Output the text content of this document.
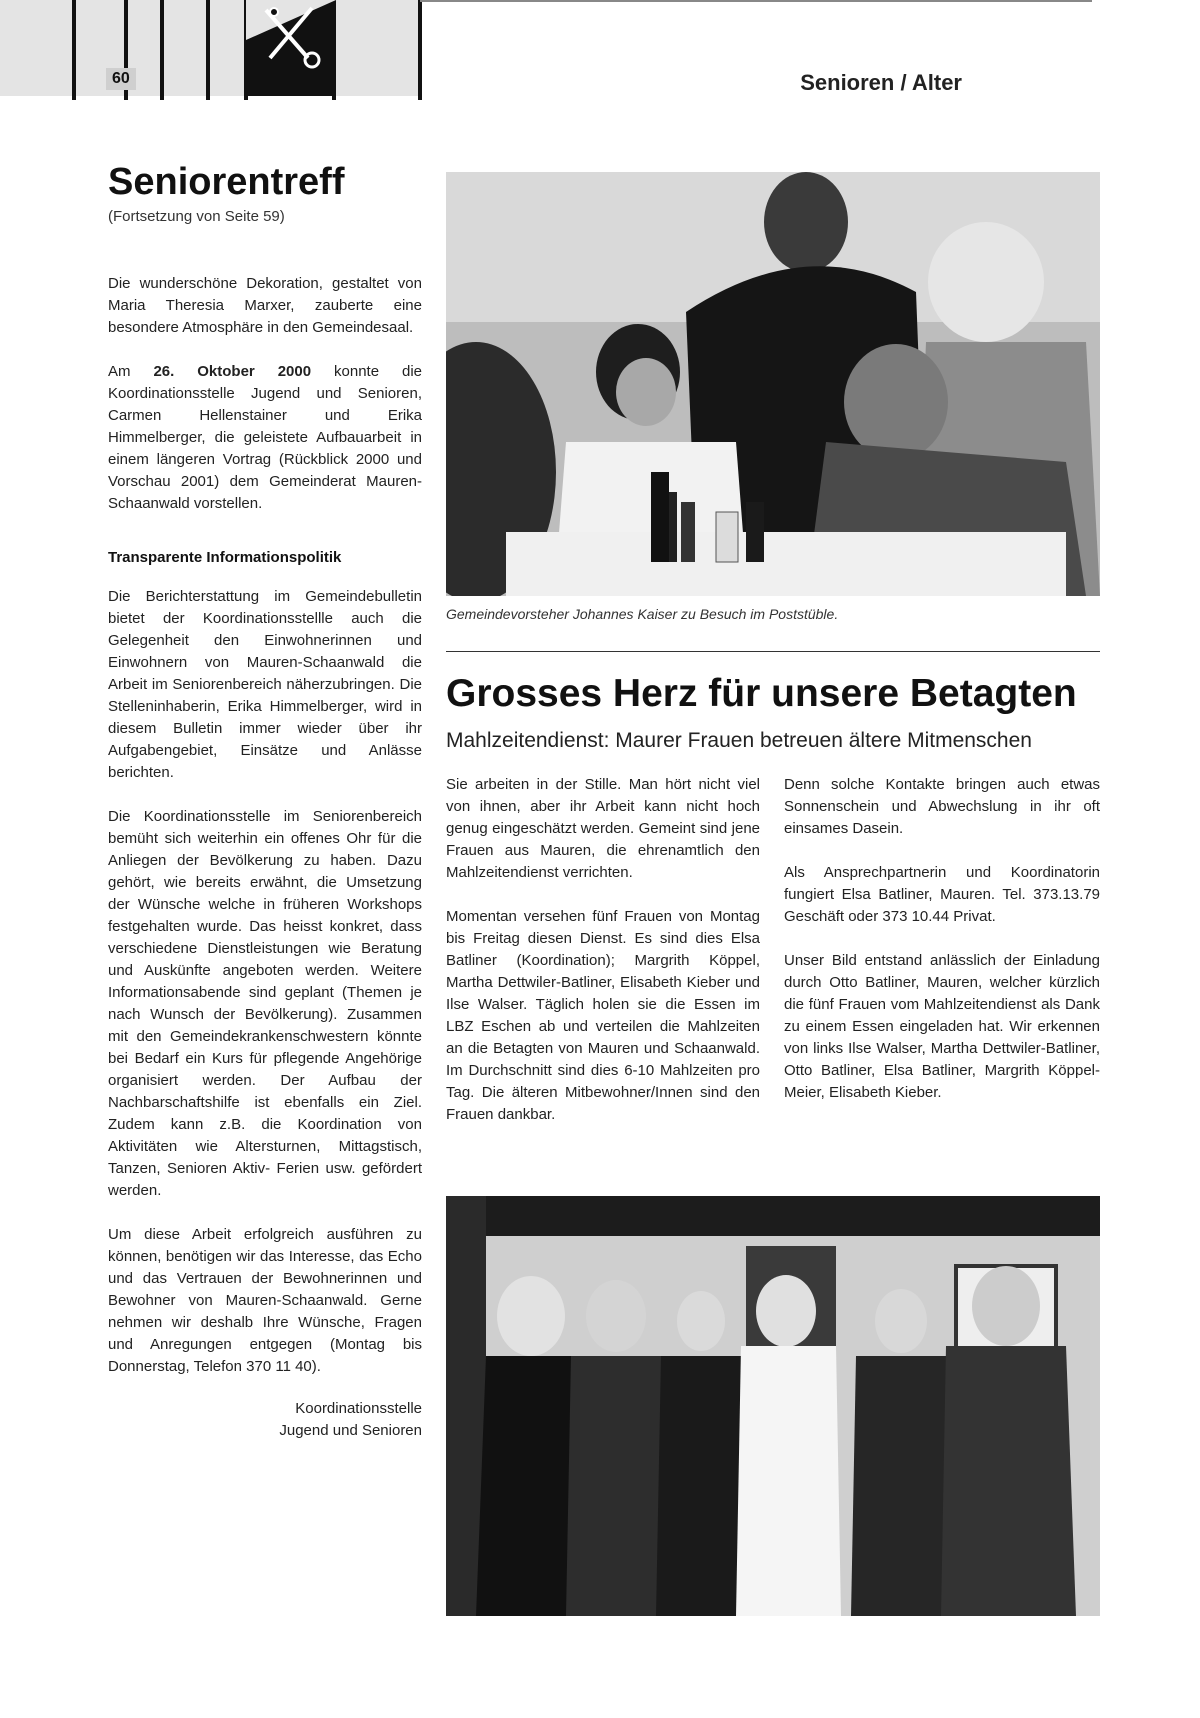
60	Senioren / Alter
Seniorentreff

(Fortsetzung von Seite 59)

Die wunderschöne Dekoration, gestaltet von Maria Theresia Marxer, zauberte eine besondere Atmosphäre in den Gemeindesaal.

Am 26. Oktober 2000 konnte die Koordinationsstelle Jugend und Senioren, Carmen Hellenstainer und Erika Himmelberger, die geleistete Aufbauarbeit in einem längeren Vortrag (Rückblick 2000 und Vorschau 2001) dem Gemeinderat Mauren-Schaanwald vorstellen.

Transparente Informationspolitik

Die Berichterstattung im Gemeindebulletin bietet der Koordinationsstellle auch die Gelegenheit den Einwohnerinnen und Einwohnern von Mauren-Schaanwald die Arbeit im Seniorenbereich näherzubringen. Die Stelleninhaberin, Erika Himmelberger, wird in diesem Bulletin immer wieder über ihr Aufgabengebiet, Einsätze und Anlässe berichten.

Die Koordinationsstelle im Seniorenbereich bemüht sich weiterhin ein offenes Ohr für die Anliegen der Bevölkerung zu haben. Dazu gehört, wie bereits erwähnt, die Umsetzung der Wünsche welche in früheren Workshops festgehalten wurde. Das heisst konkret, dass verschiedene Dienstleistungen wie Beratung und Auskünfte angeboten werden. Weitere Informationsabende sind geplant (Themen je nach Wunsch der Bevölkerung). Zusammen mit den Gemeindekrankenschwestern könnte bei Bedarf ein Kurs für pflegende Angehörige organisiert werden. Der Aufbau der Nachbarschaftshilfe ist ebenfalls ein Ziel. Zudem kann z.B. die Koordination von Aktivitäten wie Altersturnen, Mittagstisch, Tanzen, Senioren Aktiv- Ferien usw. gefördert werden.

Um diese Arbeit erfolgreich ausführen zu können, benötigen wir das Interesse, das Echo und das Vertrauen der Bewohnerinnen und Bewohner von Mauren-Schaanwald. Gerne nehmen wir deshalb Ihre Wünsche, Fragen und Anregungen entgegen (Montag bis Donnerstag, Telefon 370 11 40).

Koordinationsstelle
Jugend und Senioren

Gemeindevorsteher Johannes Kaiser zu Besuch im Poststüble.
Grosses Herz für unsere Betagten

Mahlzeitendienst: Maurer Frauen betreuen ältere Mitmenschen

Sie arbeiten in der Stille. Man hört nicht viel von ihnen, aber ihr Arbeit kann nicht hoch genug eingeschätzt werden. Gemeint sind jene Frauen aus Mauren, die ehrenamtlich den Mahlzeitendienst verrichten.

Momentan versehen fünf Frauen von Montag bis Freitag diesen Dienst. Es sind dies Elsa Batliner (Koordination); Margrith Köppel, Martha Dettwiler-Batliner, Elisabeth Kieber und Ilse Walser. Täglich holen sie die Essen im LBZ Eschen ab und verteilen die Mahlzeiten an die Betagten von Mauren und Schaanwald. Im Durchschnitt sind dies 6-10 Mahlzeiten pro Tag. Die älteren Mitbewohner/Innen sind den Frauen dankbar.

Denn solche Kontakte bringen auch etwas Sonnenschein und Abwechslung in ihr oft einsames Dasein.

Als Ansprechpartnerin und Koordinatorin fungiert Elsa Batliner, Mauren. Tel. 373.13.79 Geschäft oder 373 10.44 Privat.

Unser Bild entstand anlässlich der Einladung durch Otto Batliner, Mauren, welcher kürzlich die fünf Frauen vom Mahlzeitendienst als Dank zu einem Essen eingeladen hat. Wir erkennen von links Ilse Walser, Martha Dettwiler-Batliner, Otto Batliner, Elsa Batliner, Margrith Köppel-Meier, Elisabeth Kieber.
